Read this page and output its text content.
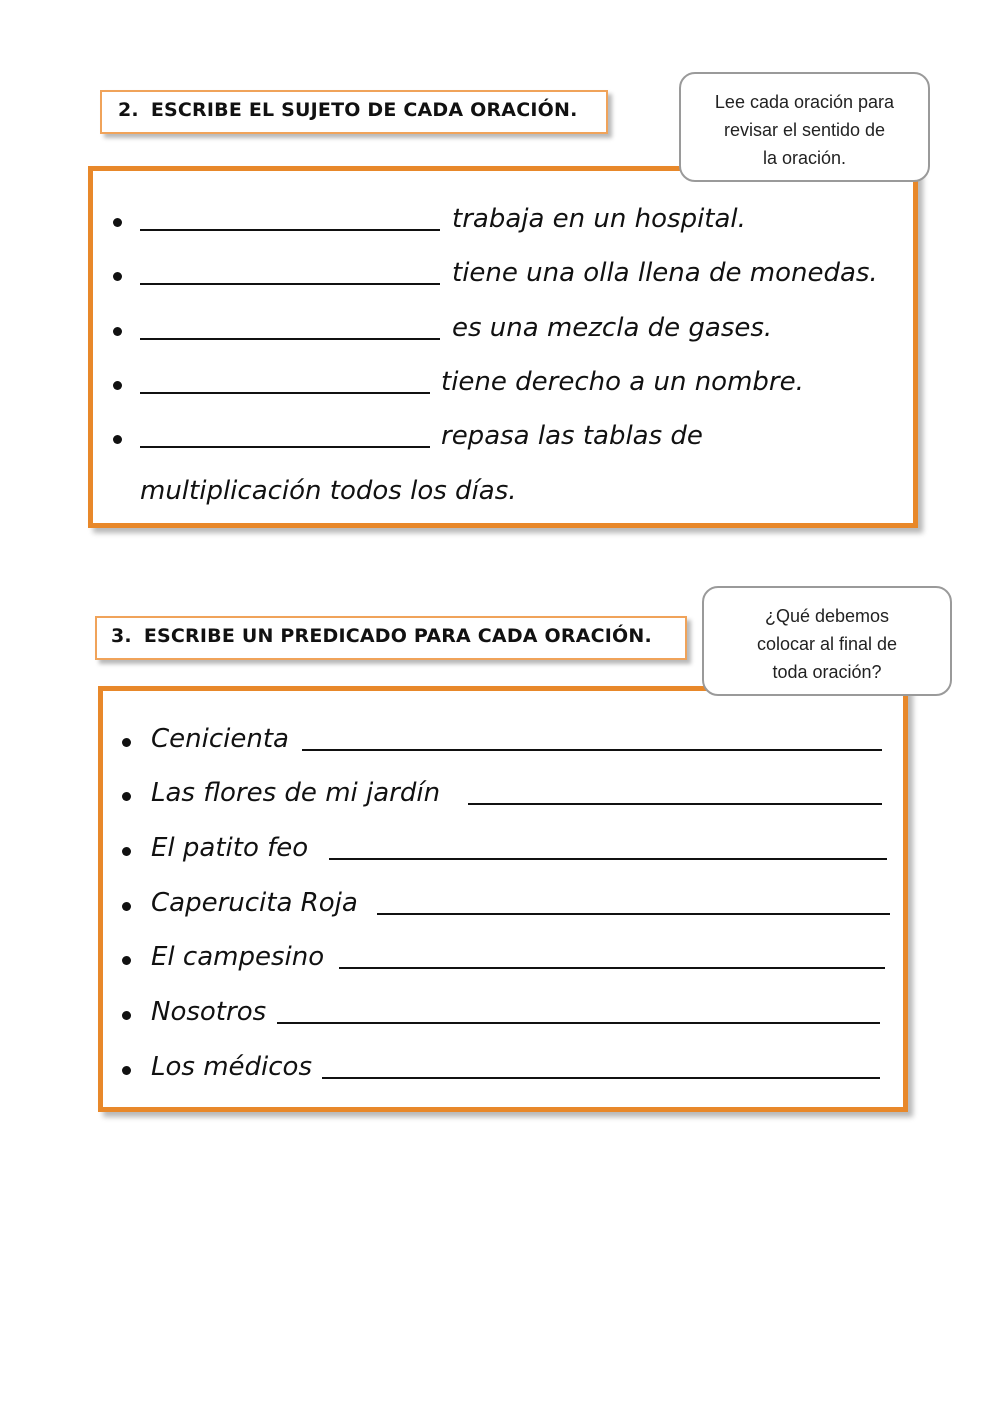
2. ESCRIBE EL SUJETO DE CADA ORACIÓN.	Lee cada oración para
revisar el sentido de
la oración.
trabaja en un hospital.
tiene una olla llena de monedas.
es una mezcla de gases.
tiene derecho a un nombre.
repasa las tablas de
multiplicación todos los días.
3. ESCRIBE UN PREDICADO PARA CADA ORACIÓN.
¿Qué debemos
colocar al final de
toda oración?
Cenicienta
Las flores de mi jardín
El patito feo
Caperucita Roja
El campesino
Nosotros
Los médicos
